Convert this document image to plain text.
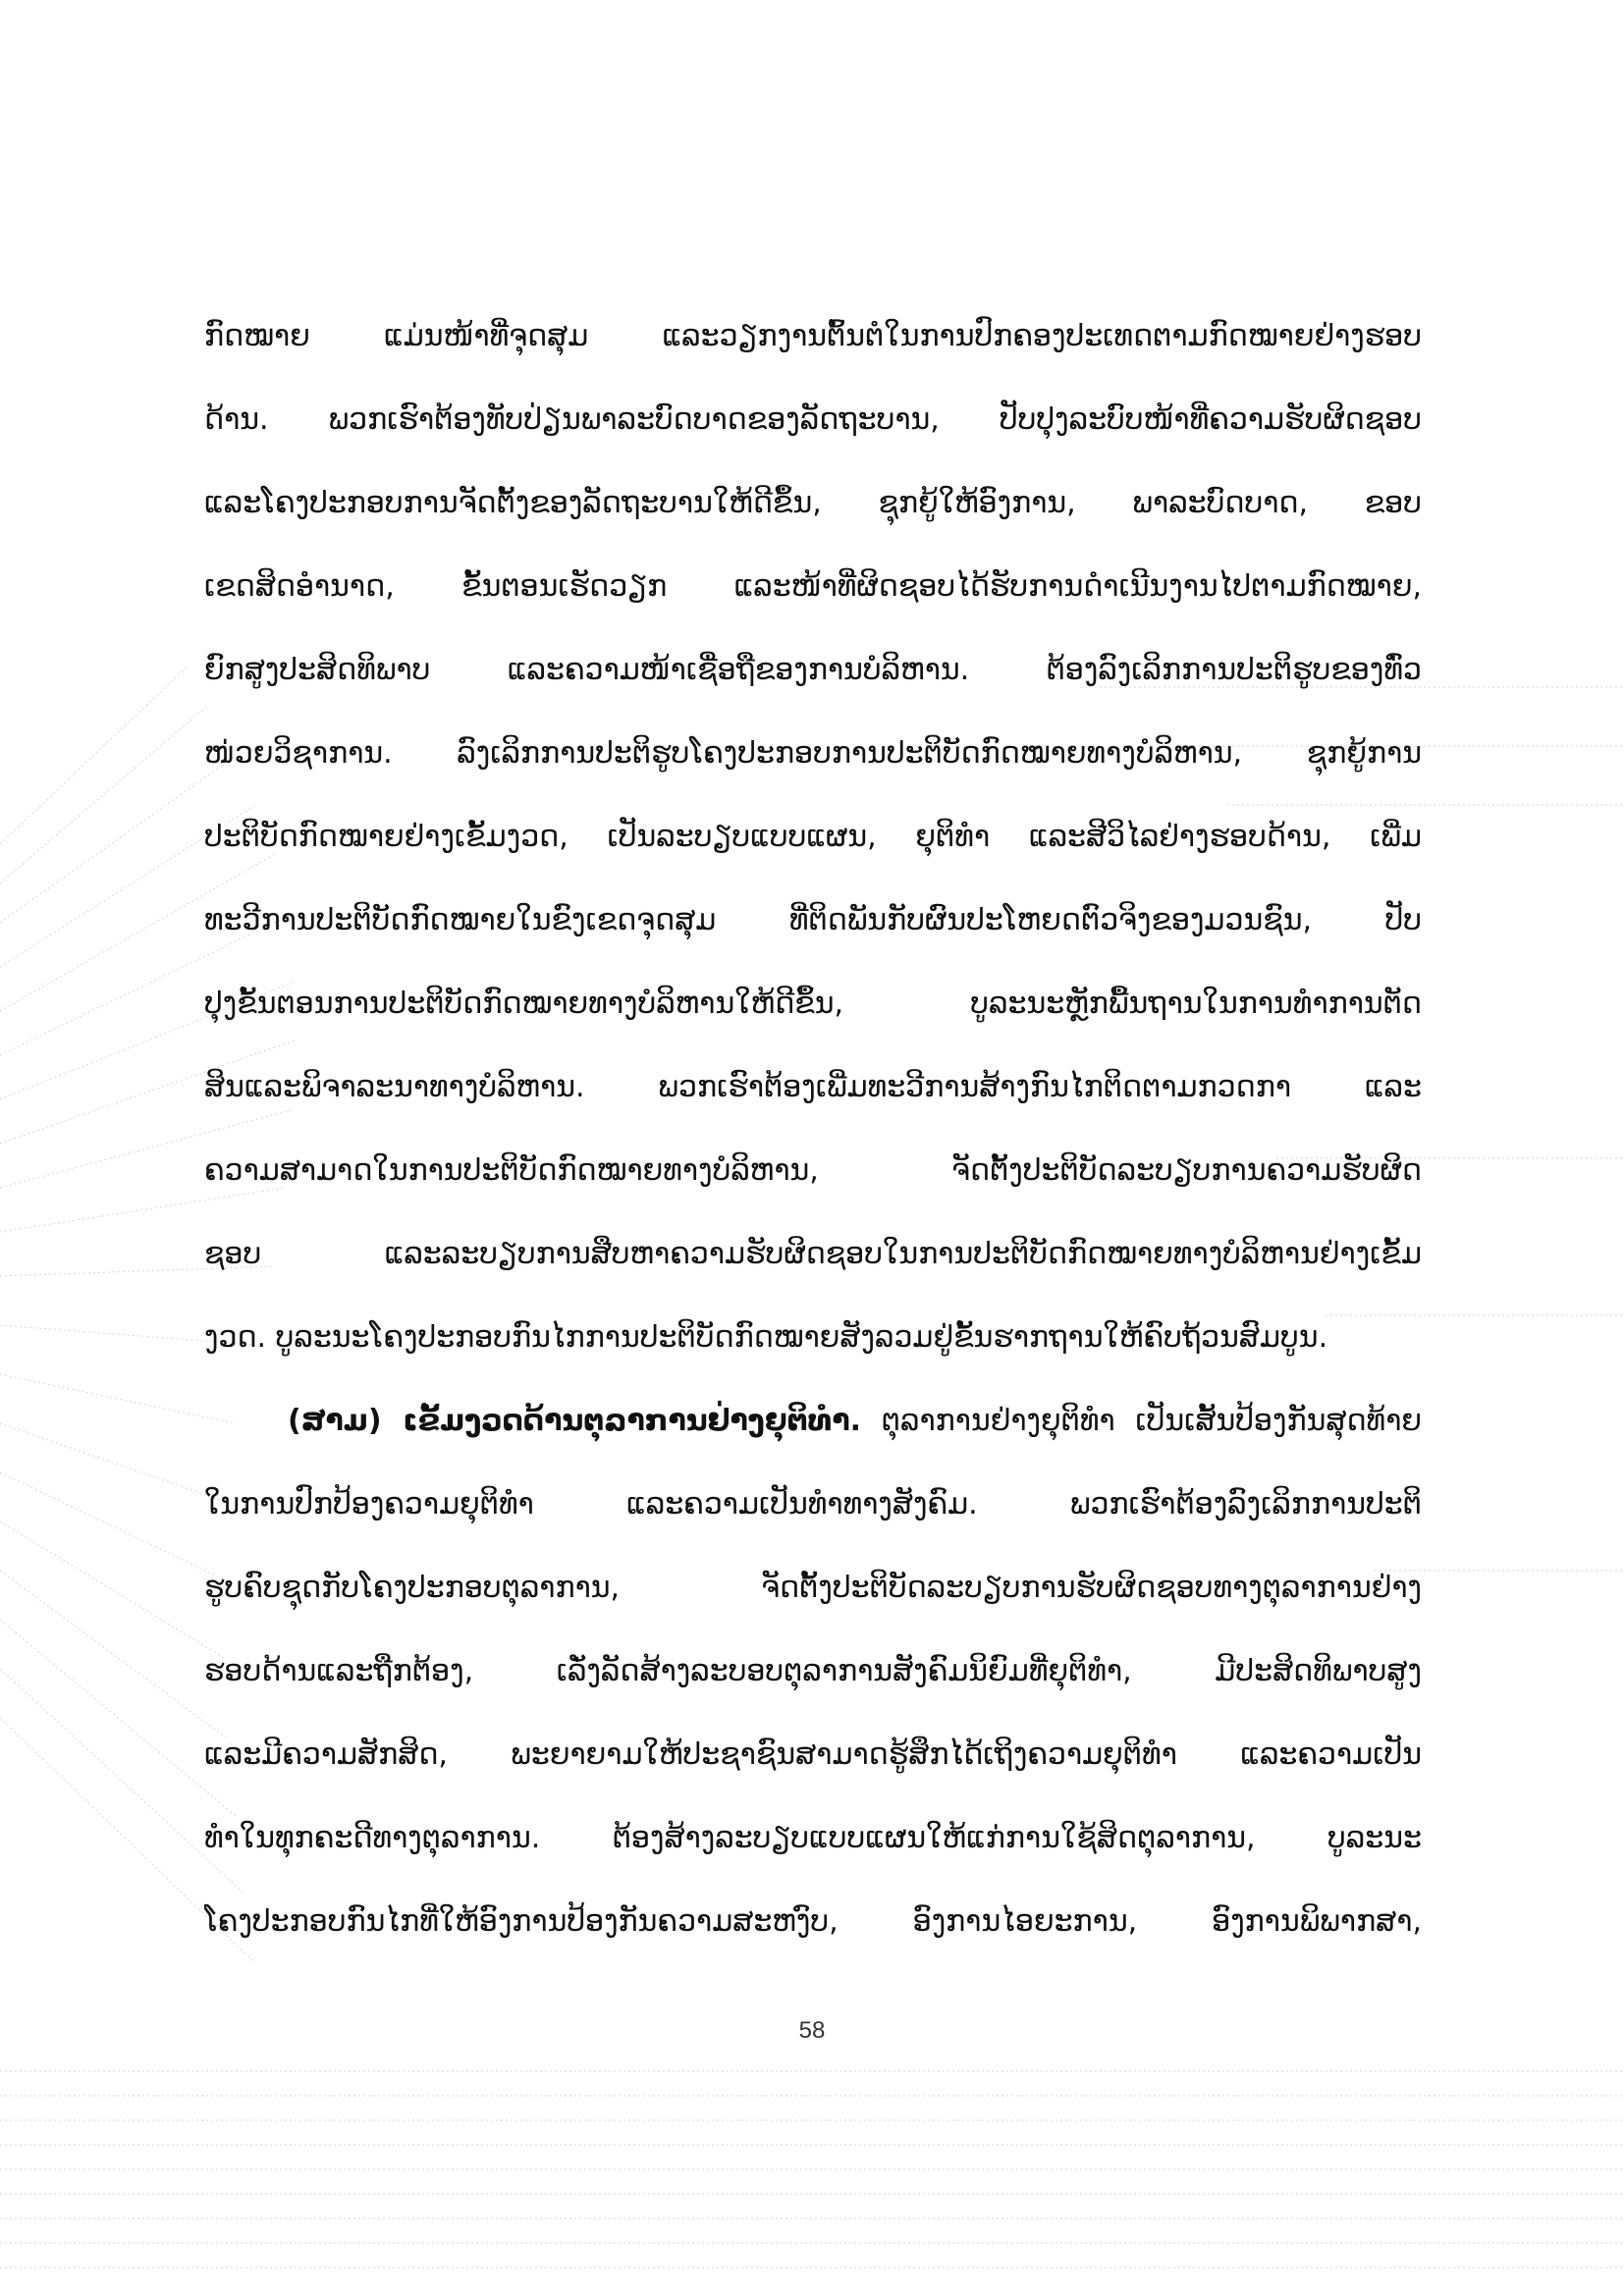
ກົດໝາຍ ແມ່ນໜ້າທີ່ຈຸດສຸມ ແລະວຽກງານຕົ້ນຕໍໃນການປົກຄອງປະເທດຕາມກົດໝາຍຢ່າງຮອບ
ດ້ານ. ພວກເຮົາຕ້ອງທັບປ່ຽນພາລະບົດບາດຂອງລັດຖະບານ, ປັບປຸງລະບົບໜ້າທີ່ຄວາມຮັບຜິດຊອບ
ແລະໂຄງປະກອບການຈັດຕັ້ງຂອງລັດຖະບານໃຫ້ດີຂຶ້ນ, ຊຸກຍູ້ໃຫ້ອົງການ, ພາລະບົດບາດ, ຂອບ
ເຂດສິດອຳນາດ, ຂັ້ນຕອນເຮັດວຽກ ແລະໜ້າທີ່ຜິດຊອບໄດ້ຮັບການດຳເນີນງານໄປຕາມກົດໝາຍ,
ຍົກສູງປະສິດທິພາບ ແລະຄວາມໜ້າເຊື່ອຖືຂອງການບໍລິຫານ. ຕ້ອງລົງເລິກການປະຕິຮູບຂອງທົ່ວ
ໜ່ວຍວິຊາການ. ລົງເລິກການປະຕິຮູບໂຄງປະກອບການປະຕິບັດກົດໝາຍທາງບໍລິຫານ, ຊຸກຍູ້ການ
ປະຕິບັດກົດໝາຍຢ່າງເຂັ້ມງວດ, ເປັນລະບຽບແບບແຜນ, ຍຸຕິທຳ ແລະສີວິໄລຢ່າງຮອບດ້ານ, ເພີ່ມ
ທະວີການປະຕິບັດກົດໝາຍໃນຂົງເຂດຈຸດສຸມ ທີ່ຕິດພັນກັບຜົນປະໂຫຍດຕົວຈິງຂອງມວນຊົນ, ປັບ
ປຸງຂັ້ນຕອນການປະຕິບັດກົດໝາຍທາງບໍລິຫານໃຫ້ດີຂຶ້ນ, ບູລະນະຫຼັກພື້ນຖານໃນການທຳການຕັດ
ສິນແລະພິຈາລະນາທາງບໍລິຫານ. ພວກເຮົາຕ້ອງເພີ່ມທະວີການສ້າງກົນໄກຕິດຕາມກວດກາ ແລະ
ຄວາມສາມາດໃນການປະຕິບັດກົດໝາຍທາງບໍລິຫານ, ຈັດຕັ້ງປະຕິບັດລະບຽບການຄວາມຮັບຜິດ
ຊອບ ແລະລະບຽບການສືບຫາຄວາມຮັບຜິດຊອບໃນການປະຕິບັດກົດໝາຍທາງບໍລິຫານຢ່າງເຂັ້ມ
ງວດ. ບູລະນະໂຄງປະກອບກົນໄກການປະຕິບັດກົດໝາຍສັງລວມຢູ່ຂັ້ນຮາກຖານໃຫ້ຄົບຖ້ວນສົມບູນ.
(ສາມ) ເຂັ້ມງວດດ້ານຕຸລາການຢ່າງຍຸຕິທຳ. ຕຸລາການຢ່າງຍຸຕິທຳ ເປັນເສັ້ນປ້ອງກັນສຸດທ້າຍ
ໃນການປົກປ້ອງຄວາມຍຸຕິທຳ ແລະຄວາມເປັນທຳທາງສັງຄົມ. ພວກເຮົາຕ້ອງລົງເລິກການປະຕິ
ຮູບຄົບຊຸດກັບໂຄງປະກອບຕຸລາການ, ຈັດຕັ້ງປະຕິບັດລະບຽບການຮັບຜິດຊອບທາງຕຸລາການຢ່າງ
ຮອບດ້ານແລະຖືກຕ້ອງ, ເລັ່ງລັດສ້າງລະບອບຕຸລາການສັງຄົມນິຍົມທີ່ຍຸຕິທຳ, ມີປະສິດທິພາບສູງ
ແລະມີຄວາມສັກສິດ, ພະຍາຍາມໃຫ້ປະຊາຊົນສາມາດຮູ້ສຶກໄດ້ເຖິງຄວາມຍຸຕິທຳ ແລະຄວາມເປັນ
ທຳໃນທຸກຄະດີທາງຕຸລາການ. ຕ້ອງສ້າງລະບຽບແບບແຜນໃຫ້ແກ່ການໃຊ້ສິດຕຸລາການ, ບູລະນະ
ໂຄງປະກອບກົນໄກທີ່ໃຫ້ອົງການປ້ອງກັນຄວາມສະຫງົບ, ອົງການໄອຍະການ, ອົງການພິພາກສາ,
58
